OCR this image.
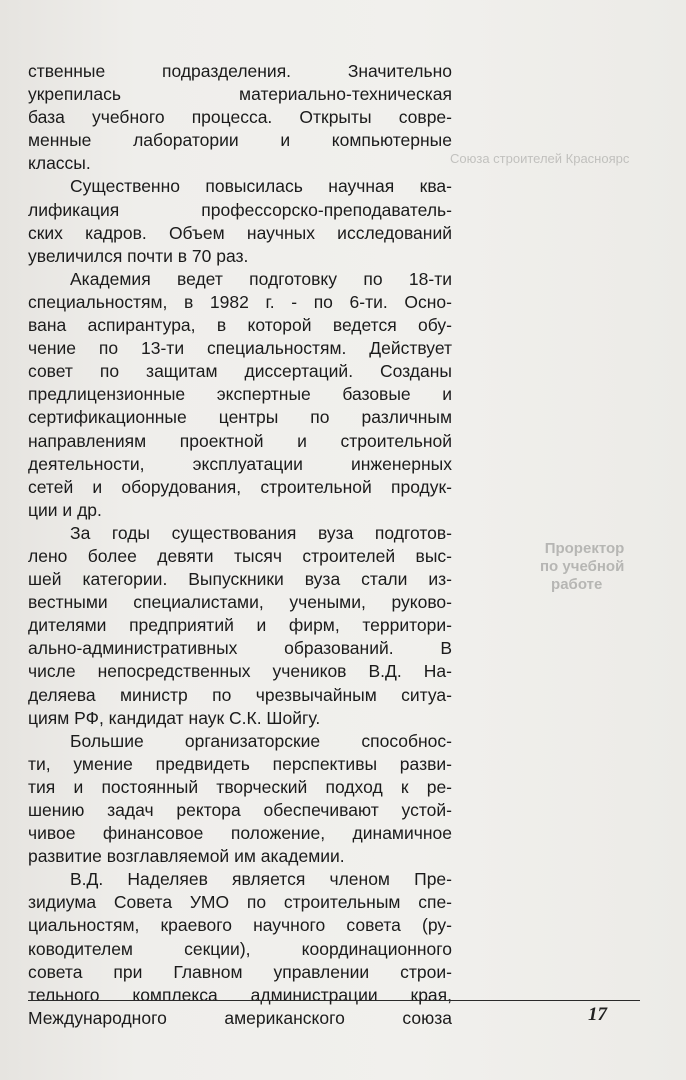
Союза строителей Красноярс
Проректор
по учебной
работе

ственные подразделения. Значительно
укрепилась материально-техническая
база учебного процесса. Открыты совре-
менные лаборатории и компьютерные
классы.

Существенно повысилась научная ква-
лификация профессорско-преподаватель-
ских кадров. Объем научных исследований
увеличился почти в 70 раз.

Академия ведет подготовку по 18-ти
специальностям, в 1982 г. - по 6-ти. Осно-
вана аспирантура, в которой ведется обу-
чение по 13-ти специальностям. Действует
совет по защитам диссертаций. Созданы
предлицензионные экспертные базовые и
сертификационные центры по различным
направлениям проектной и строительной
деятельности, эксплуатации инженерных
сетей и оборудования, строительной продук-
ции и др.

За годы существования вуза подготов-
лено более девяти тысяч строителей выс-
шей категории. Выпускники вуза стали из-
вестными специалистами, учеными, руково-
дителями предприятий и фирм, территори-
ально-административных образований. В
числе непосредственных учеников В.Д. На-
деляева министр по чрезвычайным ситуа-
циям РФ, кандидат наук С.К. Шойгу.

Большие организаторские способнос-
ти, умение предвидеть перспективы разви-
тия и постоянный творческий подход к ре-
шению задач ректора обеспечивают устой-
чивое финансовое положение, динамичное
развитие возглавляемой им академии.

В.Д. Наделяев является членом Пре-
зидиума Совета УМО по строительным спе-
циальностям, краевого научного совета (ру-
ководителем секции), координационного
совета при Главном управлении строи-
тельного комплекса администрации края,
Международного американского союза	17
